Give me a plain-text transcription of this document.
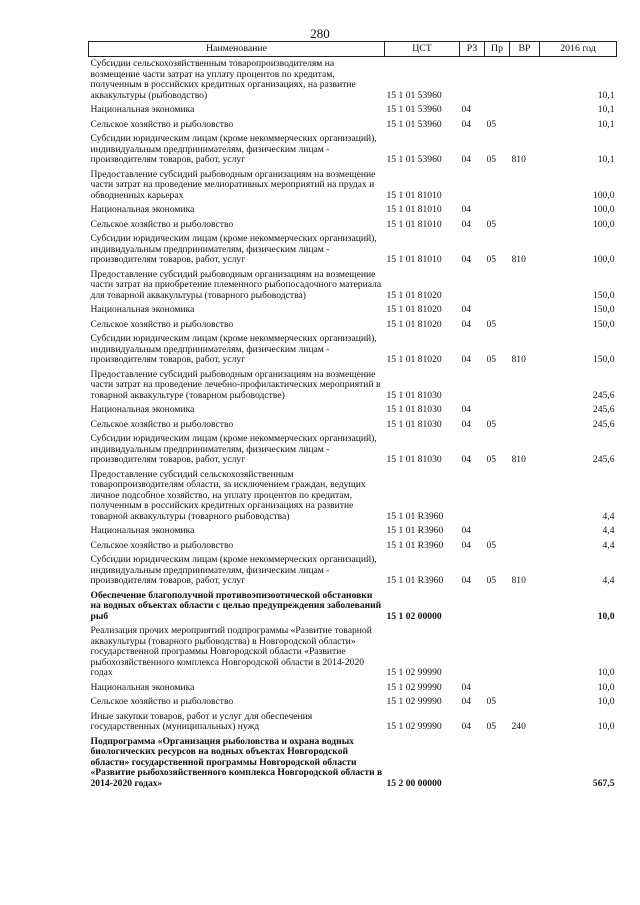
280
Наименование	ЦСТ	РЗ	Пр	ВР	2016 год
Субсидии сельскохозяйственным товаропроизводителям на возмещение части затрат на уплату процентов по кредитам, полученным в российских кредитных организациях, на развитие аквакультуры (рыбоводство)	15 1 01 53960				10,1
Национальная экономика	15 1 01 53960	04			10,1
Сельское хозяйство и рыболовство	15 1 01 53960	04	05		10,1
Субсидии юридическим лицам (кроме некоммерческих организаций), индивидуальным предпринимателям, физическим лицам - производителям товаров, работ, услуг	15 1 01 53960	04	05	810	10,1
Предоставление субсидий рыбоводным организациям на возмещение части затрат на проведение мелиоративных мероприятий на прудах и обводненных карьерах	15 1 01 81010				100,0
Национальная экономика	15 1 01 81010	04			100,0
Сельское хозяйство и рыболовство	15 1 01 81010	04	05		100,0
Субсидии юридическим лицам (кроме некоммерческих организаций), индивидуальным предпринимателям, физическим лицам - производителям товаров, работ, услуг	15 1 01 81010	04	05	810	100,0
Предоставление субсидий рыбоводным организациям на возмещение части затрат на приобретение племенного рыбопосадочного материала для товарной аквакультуры (товарного рыбоводства)	15 1 01 81020				150,0
Национальная экономика	15 1 01 81020	04			150,0
Сельское хозяйство и рыболовство	15 1 01 81020	04	05		150,0
Субсидии юридическим лицам (кроме некоммерческих организаций), индивидуальным предпринимателям, физическим лицам - производителям товаров, работ, услуг	15 1 01 81020	04	05	810	150,0
Предоставление субсидий рыбоводным организациям на возмещение части затрат на проведение лечебно-профилактических мероприятий в товарной аквакультуре (товарном рыбоводстве)	15 1 01 81030				245,6
Национальная экономика	15 1 01 81030	04			245,6
Сельское хозяйство и рыболовство	15 1 01 81030	04	05		245,6
Субсидии юридическим лицам (кроме некоммерческих организаций), индивидуальным предпринимателям, физическим лицам - производителям товаров, работ, услуг	15 1 01 81030	04	05	810	245,6
Предоставление субсидий сельскохозяйственным товаропроизводителям области, за исключением граждан, ведущих личное подсобное хозяйство, на уплату процентов по кредитам, полученным в российских кредитных организациях на развитие товарной аквакультуры (товарного рыбоводства)	15 1 01 R3960				4,4
Национальная экономика	15 1 01 R3960	04			4,4
Сельское хозяйство и рыболовство	15 1 01 R3960	04	05		4,4
Субсидии юридическим лицам (кроме некоммерческих организаций), индивидуальным предпринимателям, физическим лицам - производителям товаров, работ, услуг	15 1 01 R3960	04	05	810	4,4
Обеспечение благополучной противоэпизоотической обстановки на водных объектах области с целью предупреждения заболеваний рыб	15 1 02 00000				10,0
Реализация прочих мероприятий подпрограммы «Развитие товарной аквакультуры (товарного рыбоводства) в Новгородской области» государственной программы Новгородской области «Развитие рыбохозяйственного комплекса Новгородской области в 2014-2020 годах	15 1 02 99990				10,0
Национальная экономика	15 1 02 99990	04			10,0
Сельское хозяйство и рыболовство	15 1 02 99990	04	05		10,0
Иные закупки товаров, работ и услуг для обеспечения государственных (муниципальных) нужд	15 1 02 99990	04	05	240	10,0
Подпрограмма «Организация рыболовства и охрана водных биологических ресурсов на водных объектах Новгородской области» государственной программы Новгородской области «Развитие рыбохозяйственного комплекса Новгородской области в 2014-2020 годах»	15 2 00 00000				567,5
